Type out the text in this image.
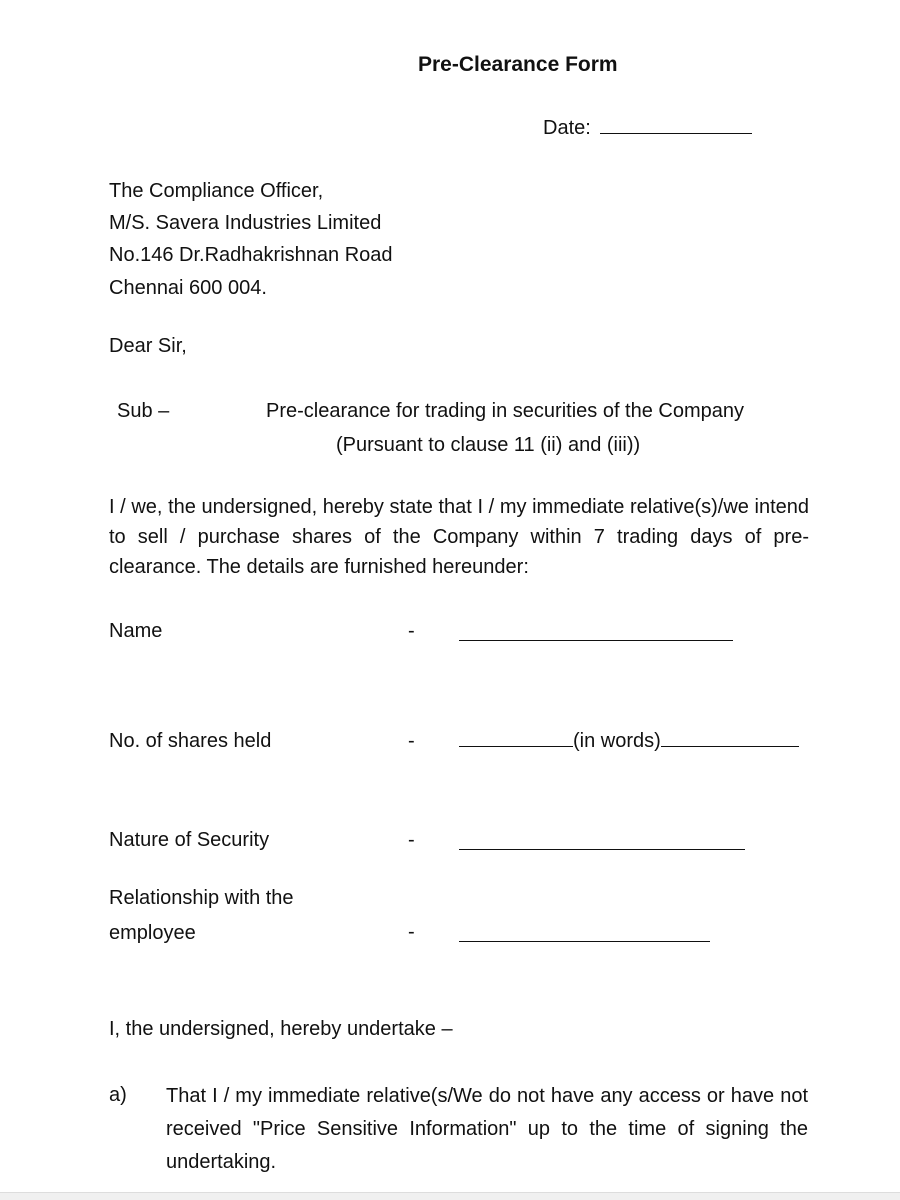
Pre-Clearance Form
Date:
The Compliance Officer,
M/S. Savera Industries Limited
No.146 Dr.Radhakrishnan Road
Chennai 600 004.
Dear Sir,
Sub –	Pre-clearance for trading in securities of the Company
(Pursuant to clause 11 (ii) and (iii))
I / we, the undersigned, hereby state that I / my immediate relative(s)/we intend to sell / purchase shares of the Company within 7 trading days of pre-clearance. The details are furnished hereunder:
Name	-
No. of shares held	-	(in words)
Nature of Security	-
Relationship with the employee	-
I, the undersigned, hereby undertake –
a) That I / my immediate relative(s/We do not have any access or have not received "Price Sensitive Information" up to the time of signing the undertaking.
